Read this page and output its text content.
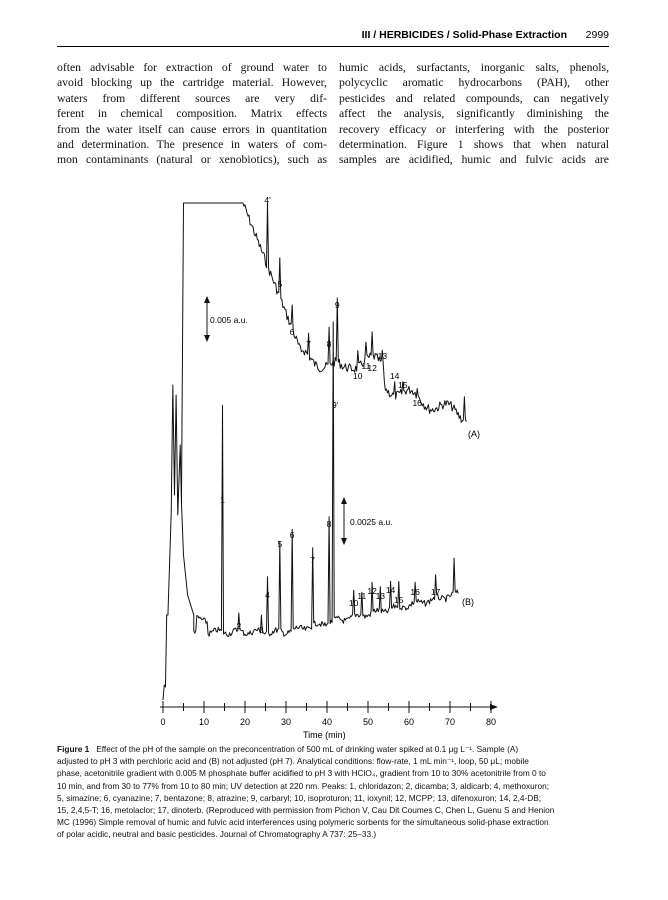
III / HERBICIDES / Solid-Phase Extraction 2999
often advisable for extraction of ground water to
avoid blocking up the cartridge material. However,
waters from different sources are very dif-
ferent in chemical composition. Matrix effects
from the water itself can cause errors in quantitation
and determination. The presence in waters of com-
mon contaminants (natural or xenobiotics), such as
humic acids, surfactants, inorganic salts, phenols,
polycyclic aromatic hydrocarbons (PAH), other
pesticides and related compounds, can negatively
affect the analysis, significantly diminishing the
recovery efficacy or interfering with the posterior
determination. Figure 1 shows that when natural
samples are acidified, humic and fulvic acids are
(A)
(B)
0.005 a.u.
0.0025 a.u.
4'
5
6
7 8
9
9'
10
11
12
13
14
15
16
1
2 3
4
5
6
7
8
10
11 12
13
14
15
16 17
0	10	20	30	40	50	60	70	80
Time (min)
Figure 1 Effect of the pH of the sample on the preconcentration of 500 mL of drinking water spiked at 0.1 μg L⁻¹. Sample (A)
adjusted to pH 3 with perchloric acid and (B) not adjusted (pH 7). Analytical conditions: flow-rate, 1 mL min⁻¹, loop, 50 μL; mobile
phase, acetonitrile gradient with 0.005 M phosphate buffer acidified to pH 3 with HClO₄, gradient from 10 to 30% acetonitrile from 0 to
10 min, and from 30 to 77% from 10 to 80 min; UV detection at 220 nm. Peaks: 1, chloridazon; 2, dicamba; 3, aldicarb; 4, methoxuron;
5, simazine; 6, cyanazine; 7, bentazone; 8, atrazine; 9, carbaryl; 10, isoproturon; 11, ioxynil; 12, MCPP; 13, difenoxuron; 14, 2,4-DB;
15, 2,4,5-T; 16, metolaclor; 17, dinoterb. (Reproduced with permission from Pichon V, Cau Dit Coumes C, Chen L, Guenu S and Henion
MC (1996) Simple removal of humic and fulvic acid interferences using polymeric sorbents for the simultaneous solid-phase extraction
of polar acidic, neutral and basic pesticides. Journal of Chromatography A 737: 25–33.)
